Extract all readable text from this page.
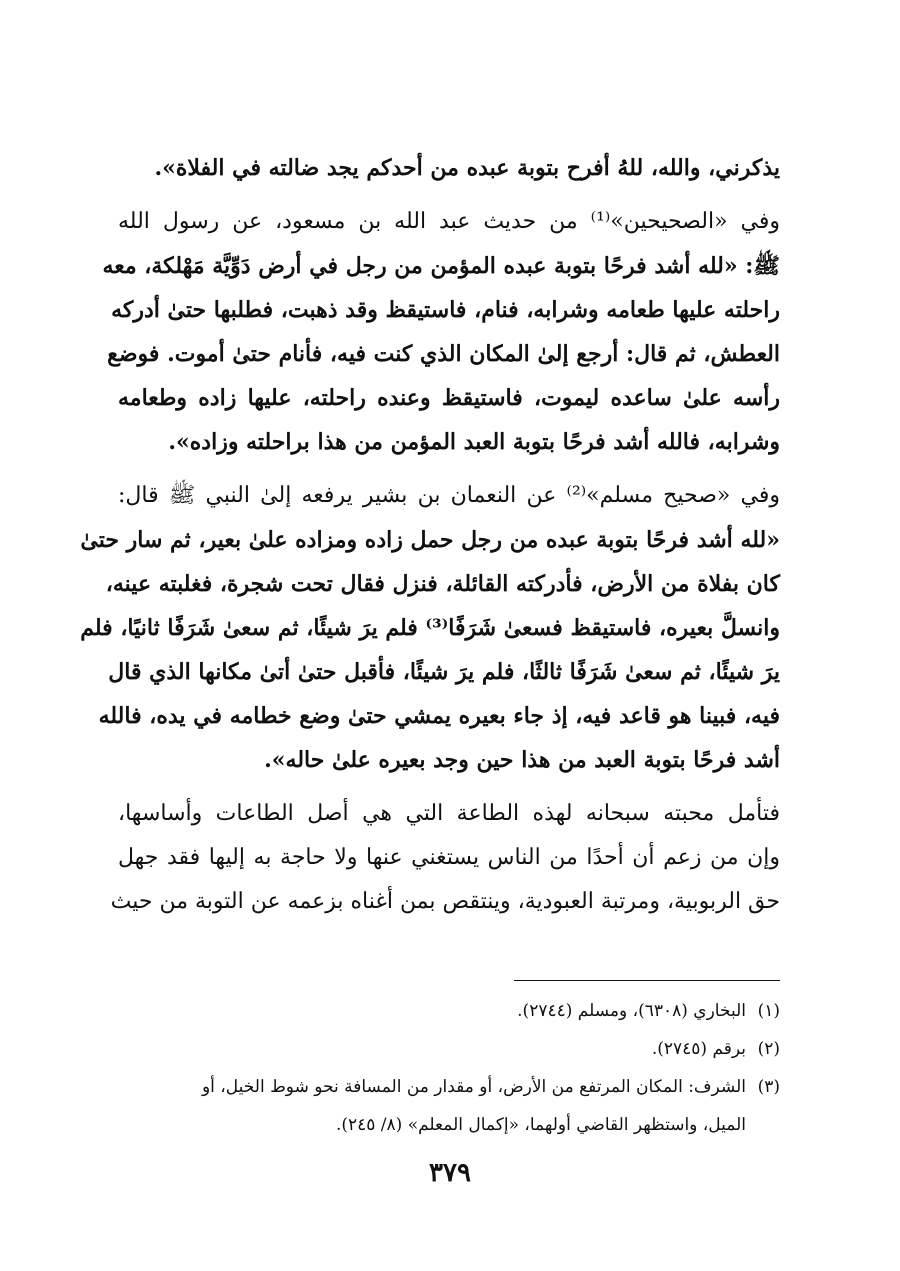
يذكرني، والله، للهُ أفرح بتوبة عبده من أحدكم يجد ضالته في الفلاة».
وفي «الصحيحين»⁽¹⁾ من حديث عبد الله بن مسعود، عن رسول الله
ﷺ: «لله أشد فرحًا بتوبة عبده المؤمن من رجل في أرض دَوِّيَّة مَهْلكة، معه
راحلته عليها طعامه وشرابه، فنام، فاستيقظ وقد ذهبت، فطلبها حتىٰ أدركه
العطش، ثم قال: أرجع إلىٰ المكان الذي كنت فيه، فأنام حتىٰ أموت. فوضع
رأسه علىٰ ساعده ليموت، فاستيقظ وعنده راحلته، عليها زاده وطعامه
وشرابه، فالله أشد فرحًا بتوبة العبد المؤمن من هذا براحلته وزاده».
وفي «صحيح مسلم»⁽²⁾ عن النعمان بن بشير يرفعه إلىٰ النبي ﷺ قال:
«لله أشد فرحًا بتوبة عبده من رجل حمل زاده ومزاده علىٰ بعير، ثم سار حتىٰ
كان بفلاة من الأرض، فأدركته القائلة، فنزل فقال تحت شجرة، فغلبته عينه،
وانسلَّ بعيره، فاستيقظ فسعىٰ شَرَفًا⁽³⁾ فلم يرَ شيئًا، ثم سعىٰ شَرَفًا ثانيًا، فلم
يرَ شيئًا، ثم سعىٰ شَرَفًا ثالثًا، فلم يرَ شيئًا، فأقبل حتىٰ أتىٰ مكانها الذي قال
فيه، فبينا هو قاعد فيه، إذ جاء بعيره يمشي حتىٰ وضع خطامه في يده، فالله
أشد فرحًا بتوبة العبد من هذا حين وجد بعيره علىٰ حاله».
فتأمل محبته سبحانه لهذه الطاعة التي هي أصل الطاعات وأساسها،
وإن من زعم أن أحدًا من الناس يستغني عنها ولا حاجة به إليها فقد جهل
حق الربوبية، ومرتبة العبودية، وينتقص بمن أغناه بزعمه عن التوبة من حيث
(١)
البخاري (٦٣٠٨)، ومسلم (٢٧٤٤).
(٢)
برقم (٢٧٤٥).
(٣)
الشرف: المكان المرتفع من الأرض، أو مقدار من المسافة نحو شوط الخيل، أو
الميل، واستظهر القاضي أولهما، «إكمال المعلم» (٨/ ٢٤٥).
٣٧٩
